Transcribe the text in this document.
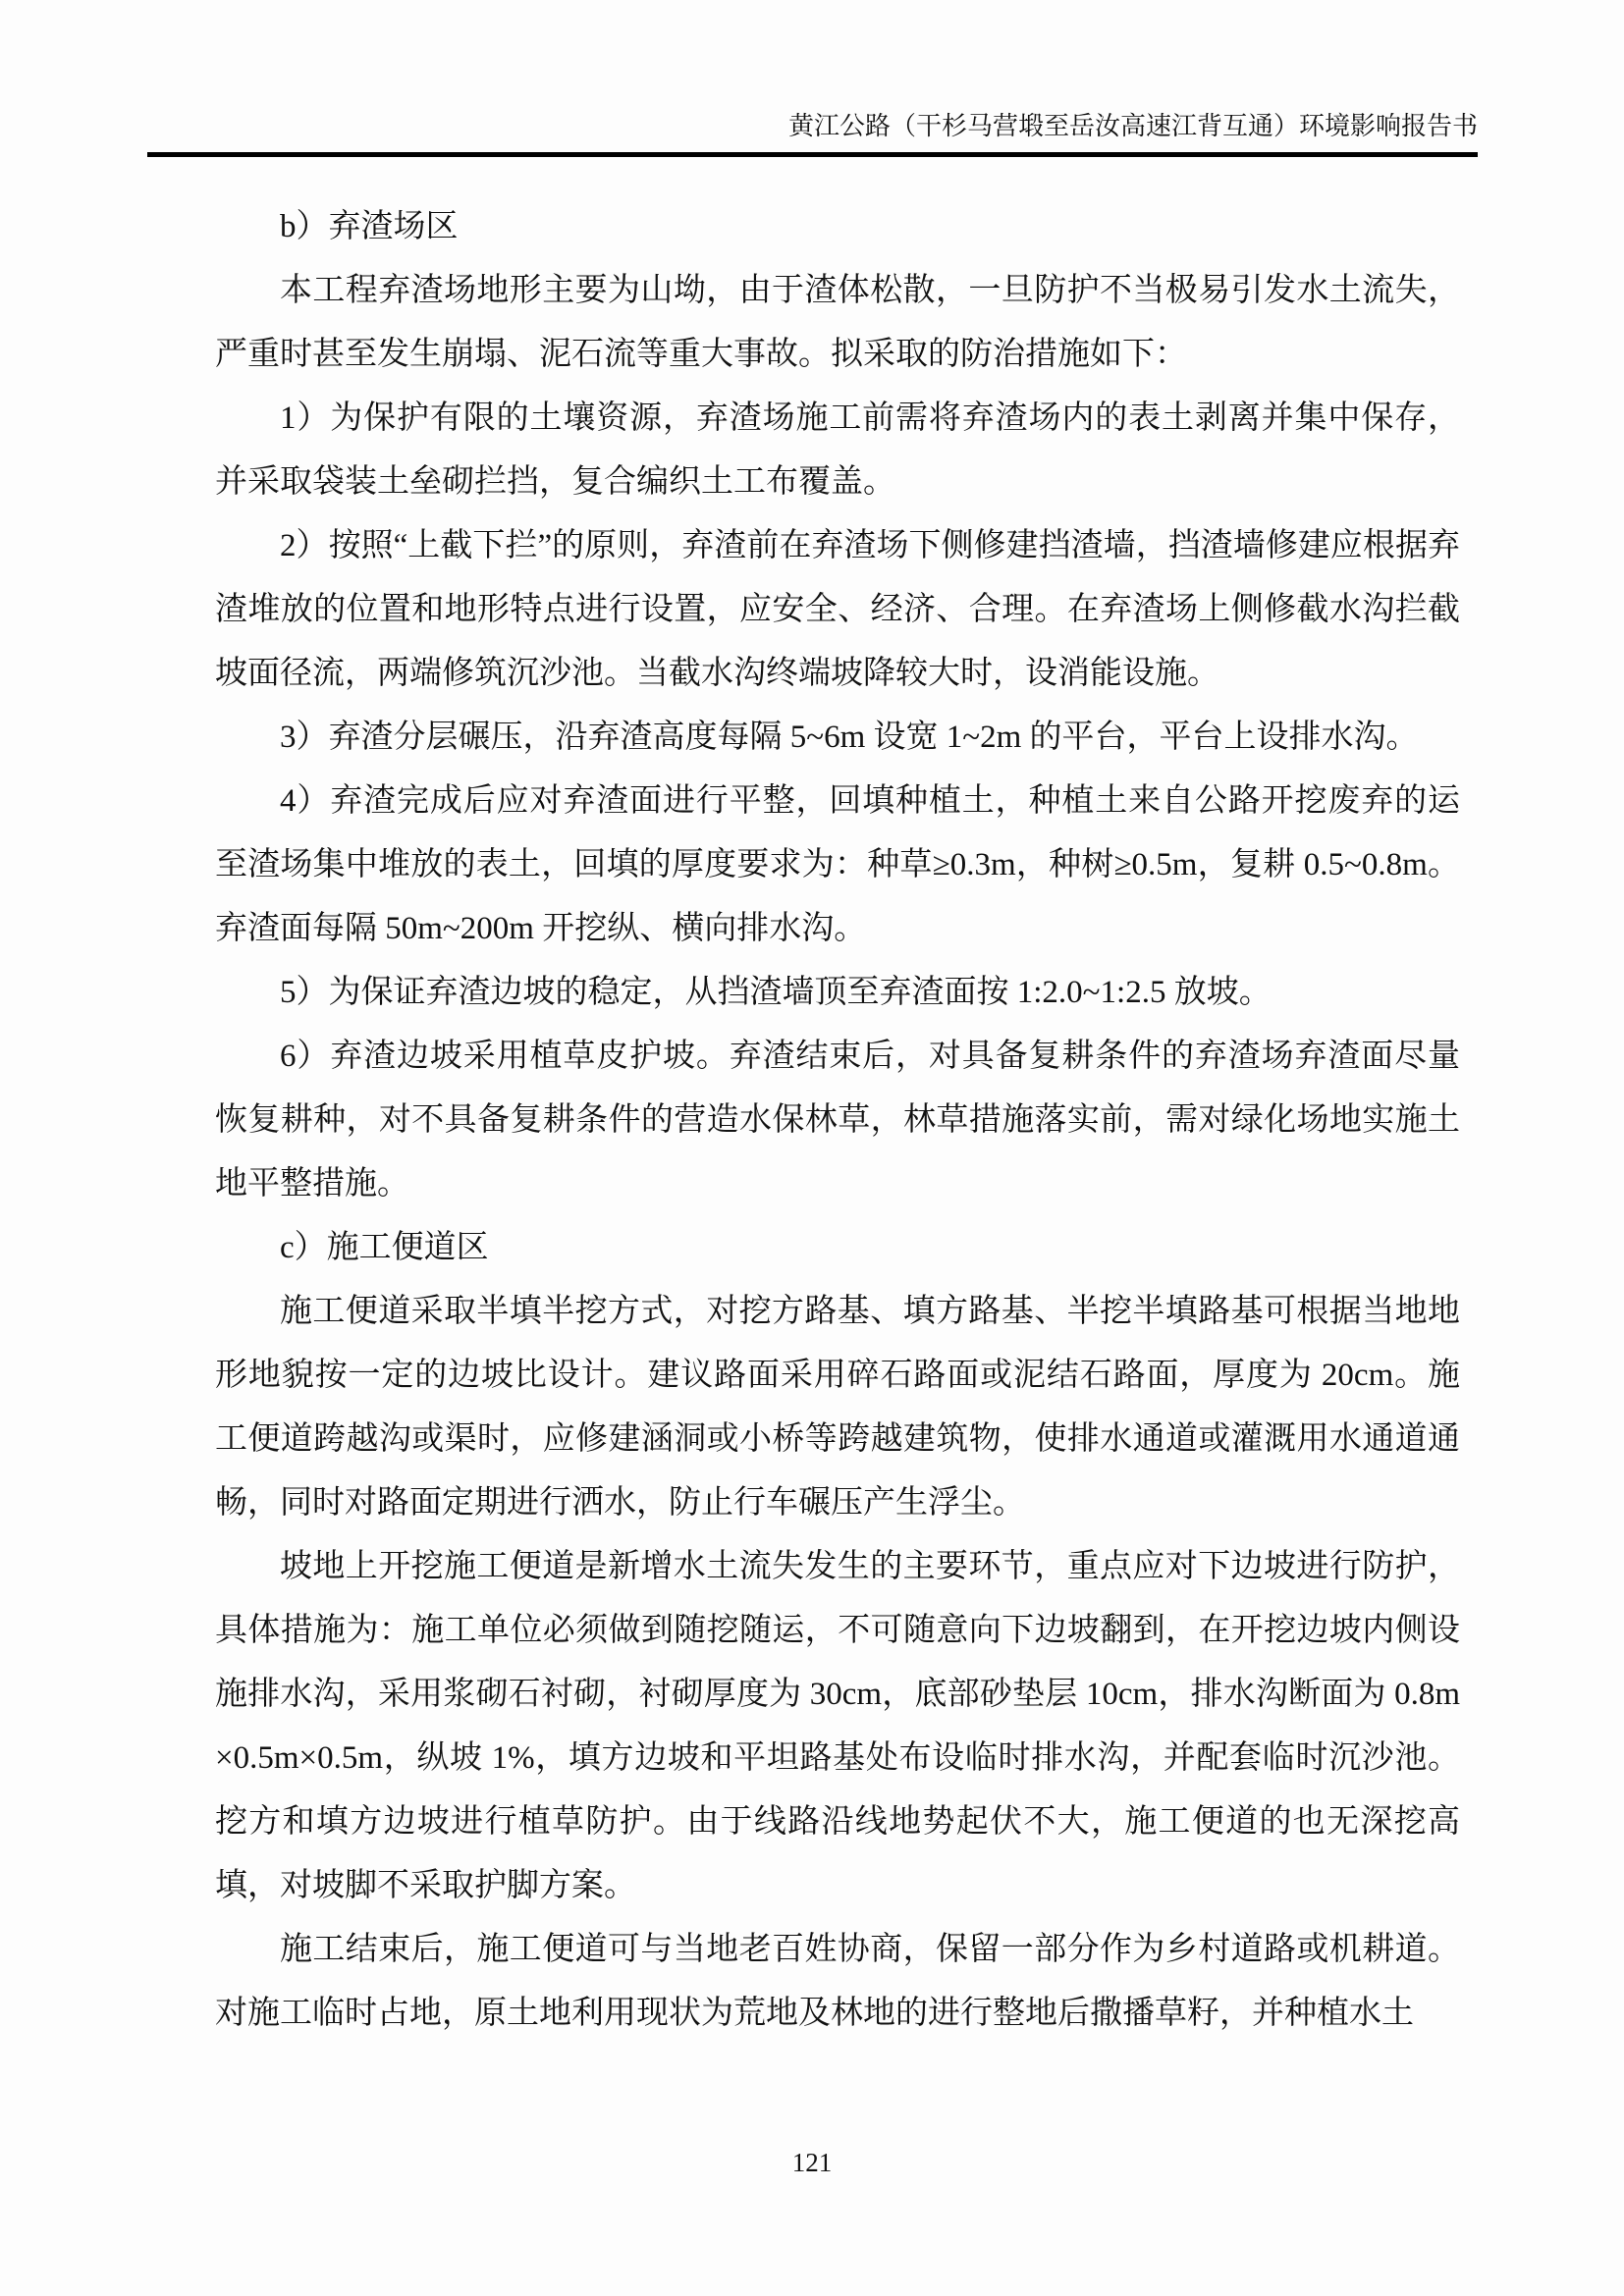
黄江公路（干杉马营塅至岳汝高速江背互通）环境影响报告书

b）弃渣场区

本工程弃渣场地形主要为山坳，由于渣体松散，一旦防护不当极易引发水土流失，严重时甚至发生崩塌、泥石流等重大事故。拟采取的防治措施如下：

1）为保护有限的土壤资源，弃渣场施工前需将弃渣场内的表土剥离并集中保存，并采取袋装土垒砌拦挡，复合编织土工布覆盖。

2）按照“上截下拦”的原则，弃渣前在弃渣场下侧修建挡渣墙，挡渣墙修建应根据弃渣堆放的位置和地形特点进行设置，应安全、经济、合理。在弃渣场上侧修截水沟拦截坡面径流，两端修筑沉沙池。当截水沟终端坡降较大时，设消能设施。

3）弃渣分层碾压，沿弃渣高度每隔 5~6m 设宽 1~2m 的平台，平台上设排水沟。

4）弃渣完成后应对弃渣面进行平整，回填种植土，种植土来自公路开挖废弃的运至渣场集中堆放的表土，回填的厚度要求为：种草≥0.3m，种树≥0.5m，复耕 0.5~0.8m。弃渣面每隔 50m~200m 开挖纵、横向排水沟。

5）为保证弃渣边坡的稳定，从挡渣墙顶至弃渣面按 1:2.0~1:2.5 放坡。

6）弃渣边坡采用植草皮护坡。弃渣结束后，对具备复耕条件的弃渣场弃渣面尽量恢复耕种，对不具备复耕条件的营造水保林草，林草措施落实前，需对绿化场地实施土地平整措施。

c）施工便道区

施工便道采取半填半挖方式，对挖方路基、填方路基、半挖半填路基可根据当地地形地貌按一定的边坡比设计。建议路面采用碎石路面或泥结石路面，厚度为 20cm。施工便道跨越沟或渠时，应修建涵洞或小桥等跨越建筑物，使排水通道或灌溉用水通道通畅，同时对路面定期进行洒水，防止行车碾压产生浮尘。

坡地上开挖施工便道是新增水土流失发生的主要环节，重点应对下边坡进行防护，具体措施为：施工单位必须做到随挖随运，不可随意向下边坡翻到，在开挖边坡内侧设施排水沟，采用浆砌石衬砌，衬砌厚度为 30cm，底部砂垫层 10cm，排水沟断面为 0.8m×0.5m×0.5m，纵坡 1%，填方边坡和平坦路基处布设临时排水沟，并配套临时沉沙池。挖方和填方边坡进行植草防护。由于线路沿线地势起伏不大，施工便道的也无深挖高填，对坡脚不采取护脚方案。

施工结束后，施工便道可与当地老百姓协商，保留一部分作为乡村道路或机耕道。对施工临时占地，原土地利用现状为荒地及林地的进行整地后撒播草籽，并种植水土

121
